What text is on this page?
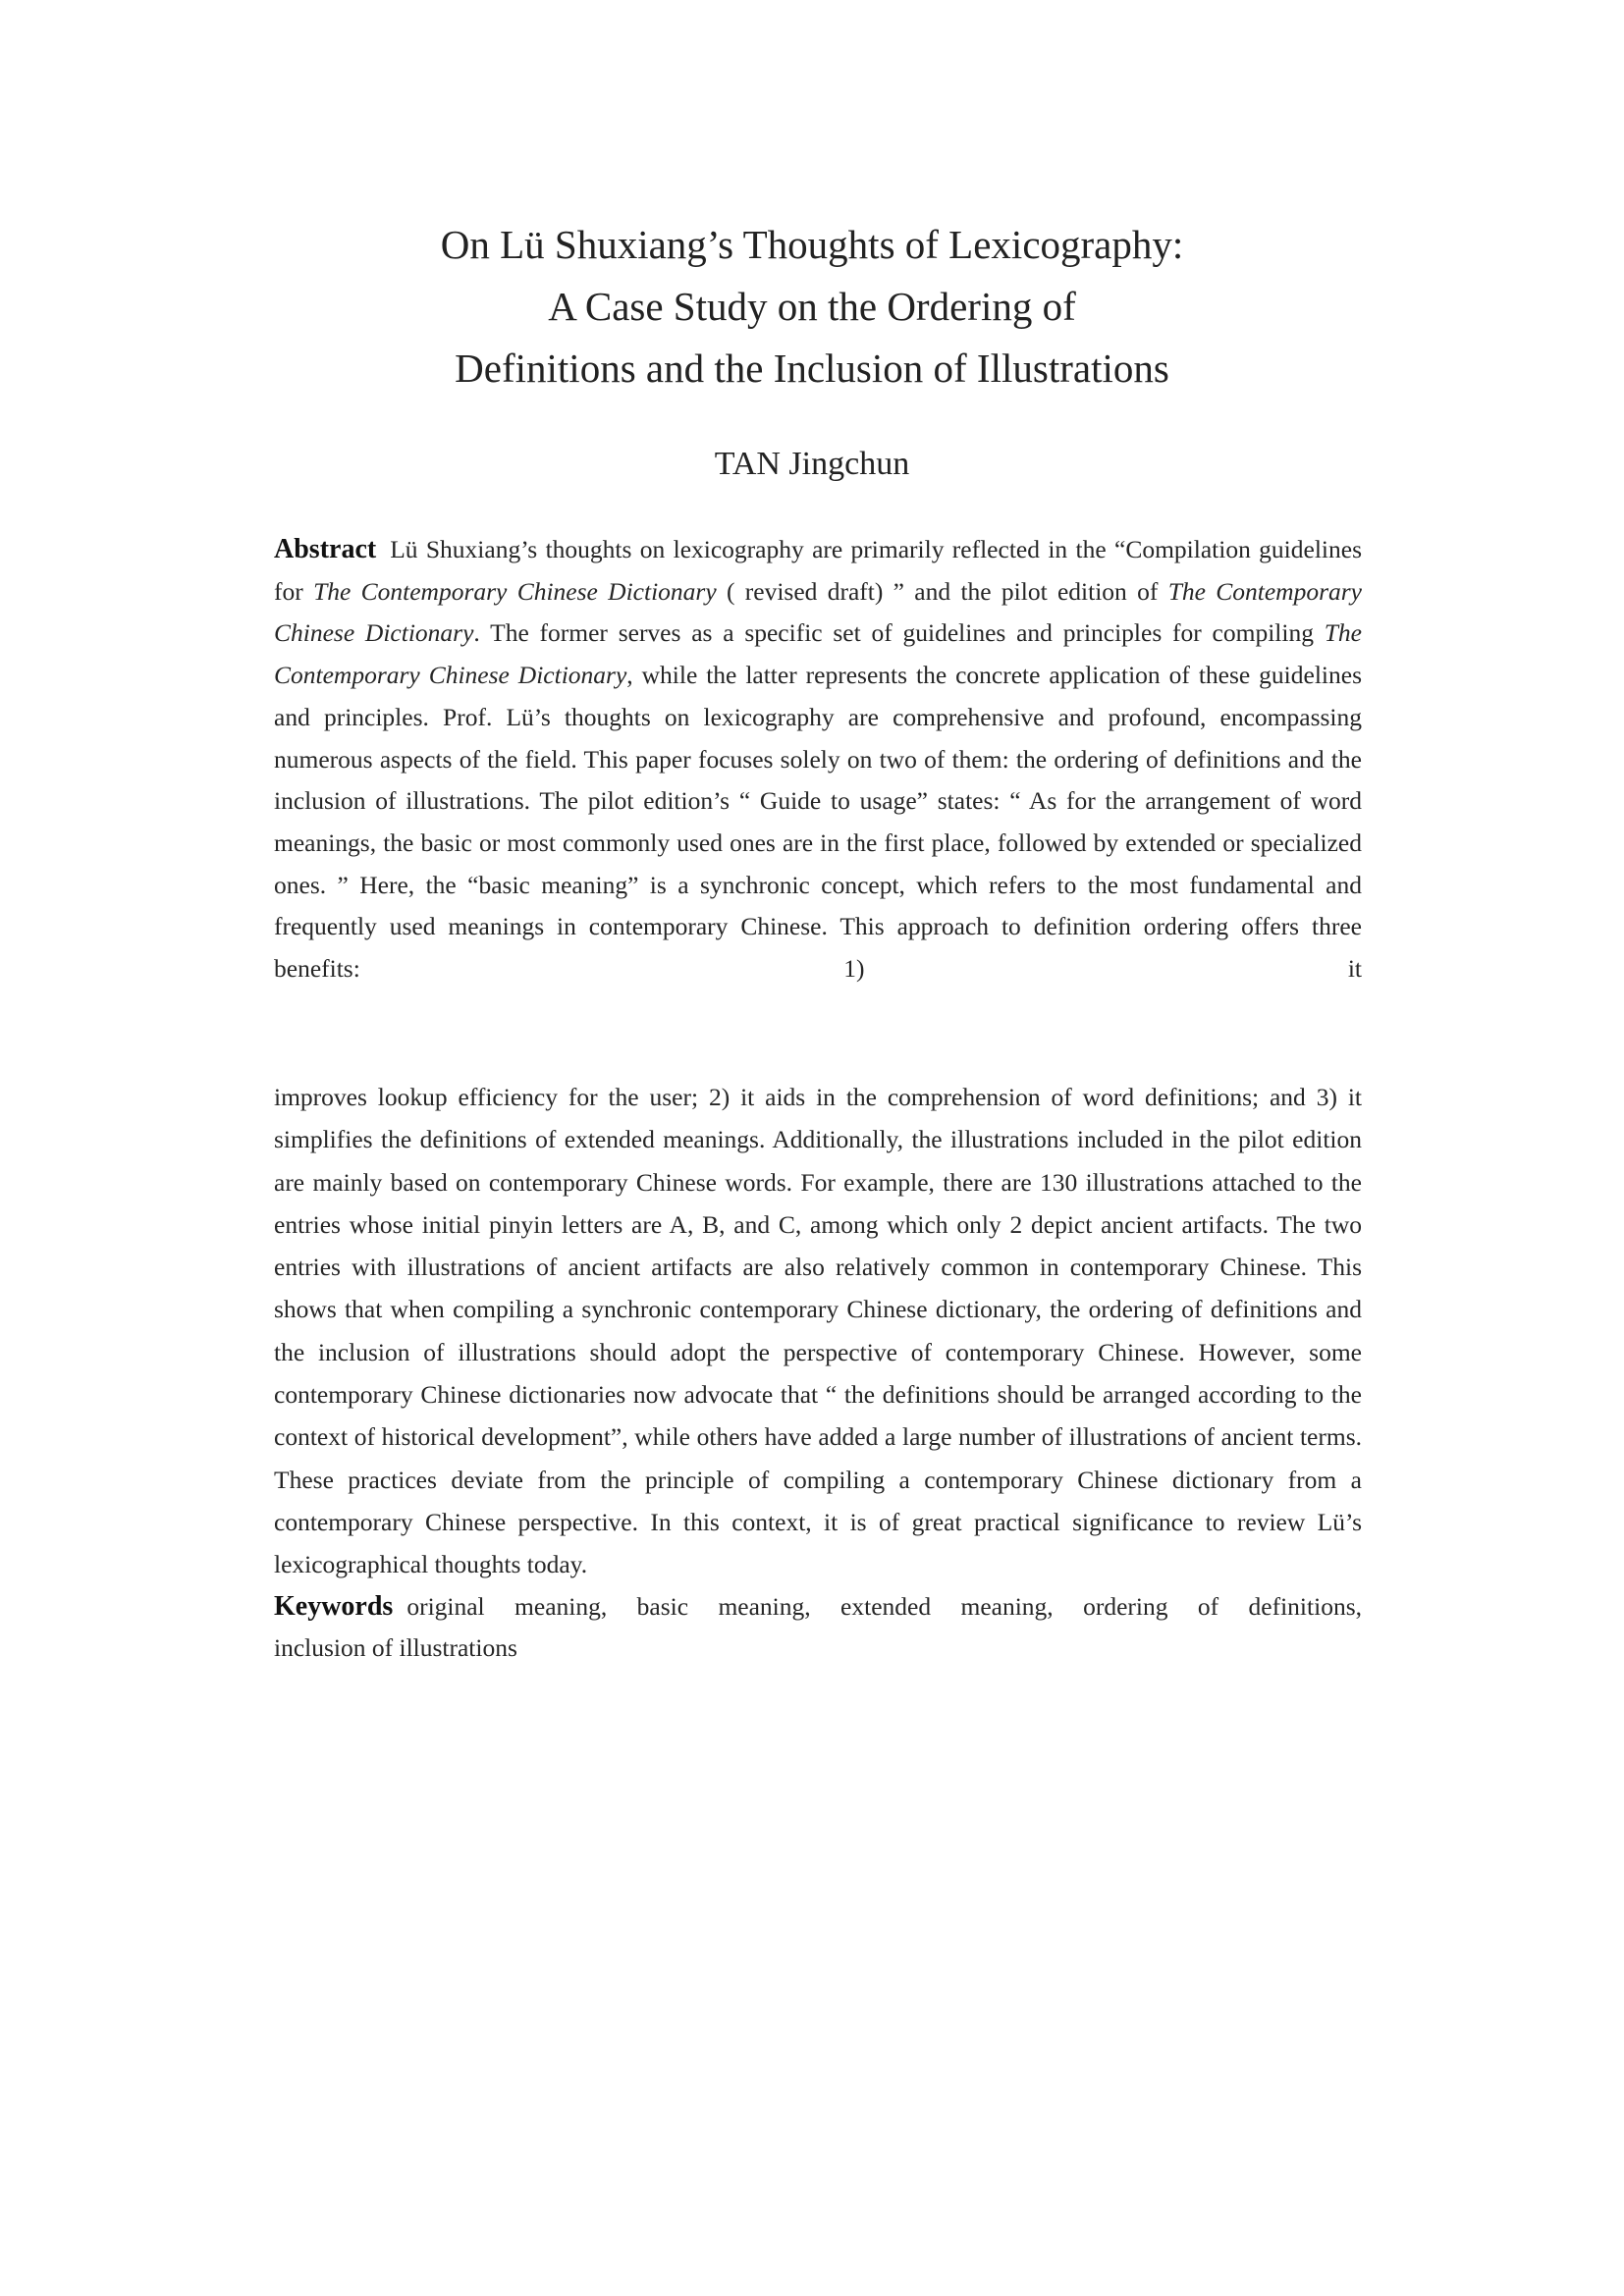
On Lü Shuxiang’s Thoughts of Lexicography:
A Case Study on the Ordering of
Definitions and the Inclusion of Illustrations
TAN Jingchun

Abstract Lü Shuxiang’s thoughts on lexicography are primarily reflected in the “Compilation guidelines for The Contemporary Chinese Dictionary ( revised draft) ” and the pilot edition of The Contemporary Chinese Dictionary. The former serves as a specific set of guidelines and principles for compiling The Contemporary Chinese Dictionary, while the latter represents the concrete application of these guidelines and principles. Prof. Lü’s thoughts on lexicography are comprehensive and profound, encompassing numerous aspects of the field. This paper focuses solely on two of them: the ordering of definitions and the inclusion of illustrations. The pilot edition’s “ Guide to usage” states: “ As for the arrangement of word meanings, the basic or most commonly used ones are in the first place, followed by extended or specialized ones. ” Here, the “basic meaning” is a synchronic concept, which refers to the most fundamental and frequently used meanings in contemporary Chinese. This approach to definition ordering offers three benefits: 1) it

improves lookup efficiency for the user; 2) it aids in the comprehension of word definitions; and 3) it simplifies the definitions of extended meanings. Additionally, the illustrations included in the pilot edition are mainly based on contemporary Chinese words. For example, there are 130 illustrations attached to the entries whose initial pinyin letters are A, B, and C, among which only 2 depict ancient artifacts. The two entries with illustrations of ancient artifacts are also relatively common in contemporary Chinese. This shows that when compiling a synchronic contemporary Chinese dictionary, the ordering of definitions and the inclusion of illustrations should adopt the perspective of contemporary Chinese. However, some contemporary Chinese dictionaries now advocate that “ the definitions should be arranged according to the context of historical development”, while others have added a large number of illustrations of ancient terms. These practices deviate from the principle of compiling a contemporary Chinese dictionary from a contemporary Chinese perspective. In this context, it is of great practical significance to review Lü’s lexicographical thoughts today.

Keywords original meaning, basic meaning, extended meaning, ordering of definitions,
inclusion of illustrations
